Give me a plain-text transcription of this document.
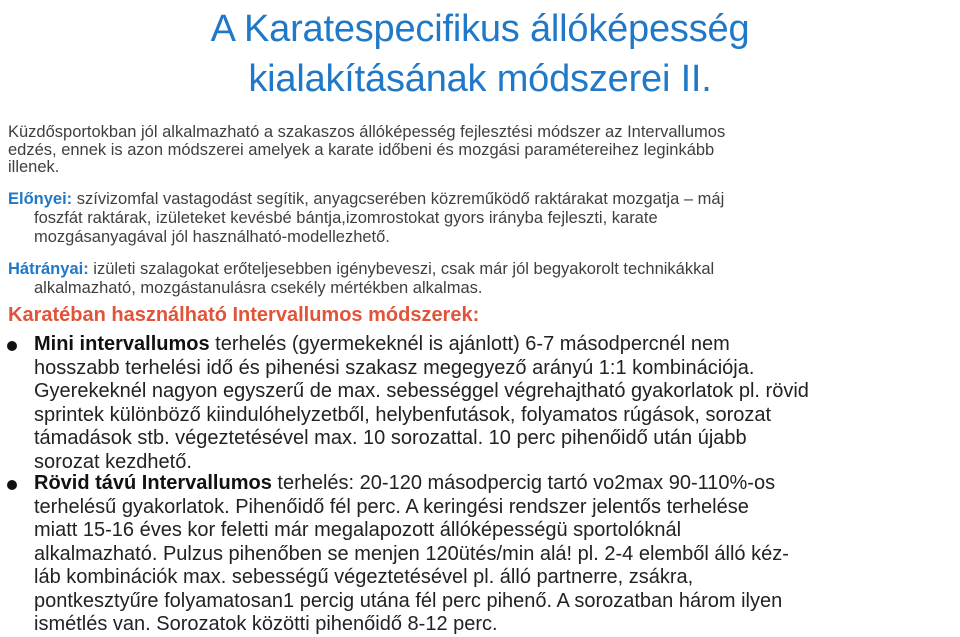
A Karatespecifikus állóképesség
kialakításának módszerei II.
Küzdősportokban jól alkalmazható a szakaszos állóképesség fejlesztési módszer az Intervallumos
edzés, ennek is azon módszerei amelyek a karate időbeni és mozgási paramétereihez leginkább
illenek.
Előnyei: szívizomfal vastagodást segítik, anyagcserében közreműködő raktárakat mozgatja – máj
foszfát raktárak, izületeket kevésbé bántja,izomrostokat gyors irányba fejleszti, karate
mozgásanyagával jól használható-modellezhető.
Hátrányai: izületi szalagokat erőteljesebben igénybeveszi, csak már jól begyakorolt technikákkal
alkalmazható, mozgástanulásra csekély mértékben alkalmas.
Karatéban használható Intervallumos módszerek:
Mini intervallumos terhelés (gyermekeknél is ajánlott) 6-7 másodpercnél nem
hosszabb terhelési idő és pihenési szakasz megegyező arányú 1:1 kombinációja.
Gyerekeknél nagyon egyszerű de max. sebességgel végrehajtható gyakorlatok pl. rövid
sprintek különböző kiindulóhelyzetből, helybenfutások, folyamatos rúgások, sorozat
támadások stb. végeztetésével max. 10 sorozattal. 10 perc pihenőidő után újabb
sorozat kezdhető.
Rövid távú Intervallumos terhelés: 20-120 másodpercig tartó vo2max 90-110%-os
terhelésű gyakorlatok. Pihenőidő fél perc. A keringési rendszer jelentős terhelése
miatt 15-16 éves kor feletti már megalapozott állóképességü sportolóknál
alkalmazható. Pulzus pihenőben se menjen 120ütés/min alá! pl. 2-4 elemből álló kéz-
láb kombinációk max. sebességű végeztetésével pl. álló partnerre, zsákra,
pontkesztyűre folyamatosan1 percig utána fél perc pihenő. A sorozatban három ilyen
ismétlés van. Sorozatok közötti pihenőidő 8-12 perc.
